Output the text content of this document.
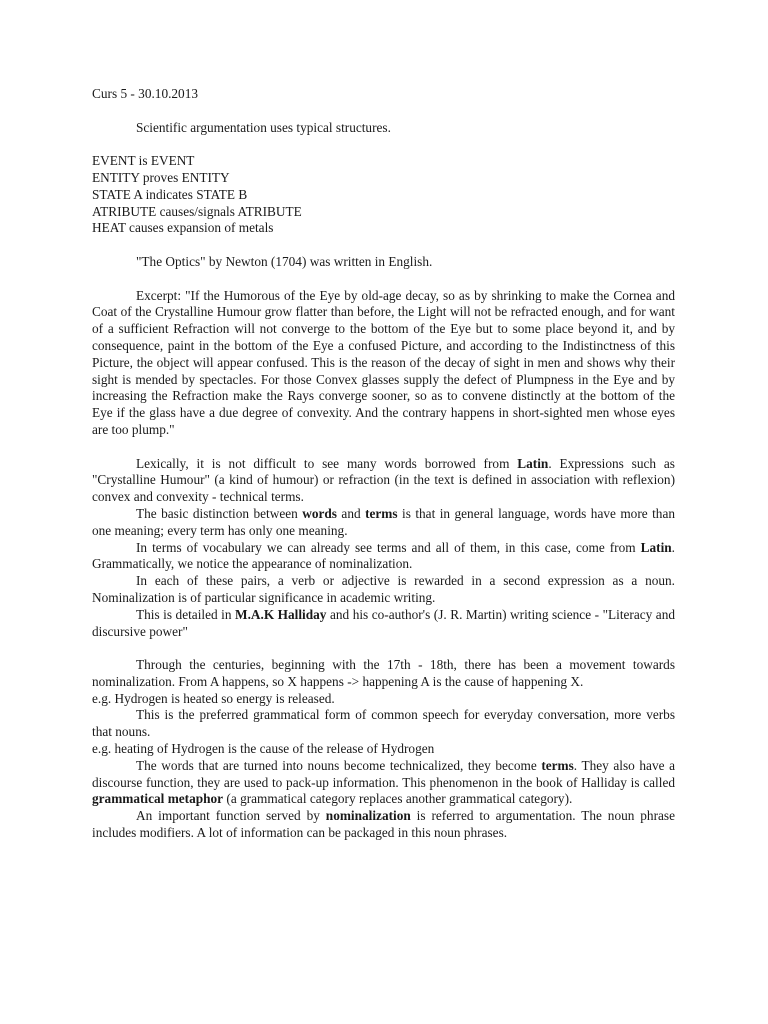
Curs 5 - 30.10.2013

Scientific argumentation uses typical structures.

EVENT is EVENT

ENTITY proves ENTITY

STATE A indicates STATE B

ATRIBUTE causes/signals ATRIBUTE

HEAT causes expansion of metals

"The Optics" by Newton (1704) was written in English.

Excerpt: "If the Humorous of the Eye by old-age decay, so as by shrinking to make the Cornea and Coat of the Crystalline Humour grow flatter than before, the Light will not be refracted enough, and for want of a sufficient Refraction will not converge to the bottom of the Eye but to some place beyond it, and by consequence, paint in the bottom of the Eye a confused Picture, and according to the Indistinctness of this Picture, the object will appear confused. This is the reason of the decay of sight in men and shows why their sight is mended by spectacles. For those Convex glasses supply the defect of Plumpness in the Eye and by increasing the Refraction make the Rays converge sooner, so as to convene distinctly at the bottom of the Eye if the glass have a due degree of convexity. And the contrary happens in short-sighted men whose eyes are too plump."

Lexically, it is not difficult to see many words borrowed from Latin. Expressions such as "Crystalline Humour" (a kind of humour) or refraction (in the text is defined in association with reflexion) convex and convexity - technical terms.

The basic distinction between words and terms is that in general language, words have more than one meaning; every term has only one meaning.

In terms of vocabulary we can already see terms and all of them, in this case, come from Latin. Grammatically, we notice the appearance of nominalization.

In each of these pairs, a verb or adjective is rewarded in a second expression as a noun. Nominalization is of particular significance in academic writing.

This is detailed in M.A.K Halliday and his co-author's (J. R. Martin) writing science - "Literacy and discursive power"

Through the centuries, beginning with the 17th - 18th, there has been a movement towards nominalization. From A happens, so X happens -> happening A is the cause of happening X.

e.g. Hydrogen is heated so energy is released.

This is the preferred grammatical form of common speech for everyday conversation, more verbs that nouns.

e.g. heating of Hydrogen is the cause of the release of Hydrogen

The words that are turned into nouns become technicalized, they become terms. They also have a discourse function, they are used to pack-up information. This phenomenon in the book of Halliday is called grammatical metaphor (a grammatical category replaces another grammatical category).

An important function served by nominalization is referred to argumentation. The noun phrase includes modifiers. A lot of information can be packaged in this noun phrases.
